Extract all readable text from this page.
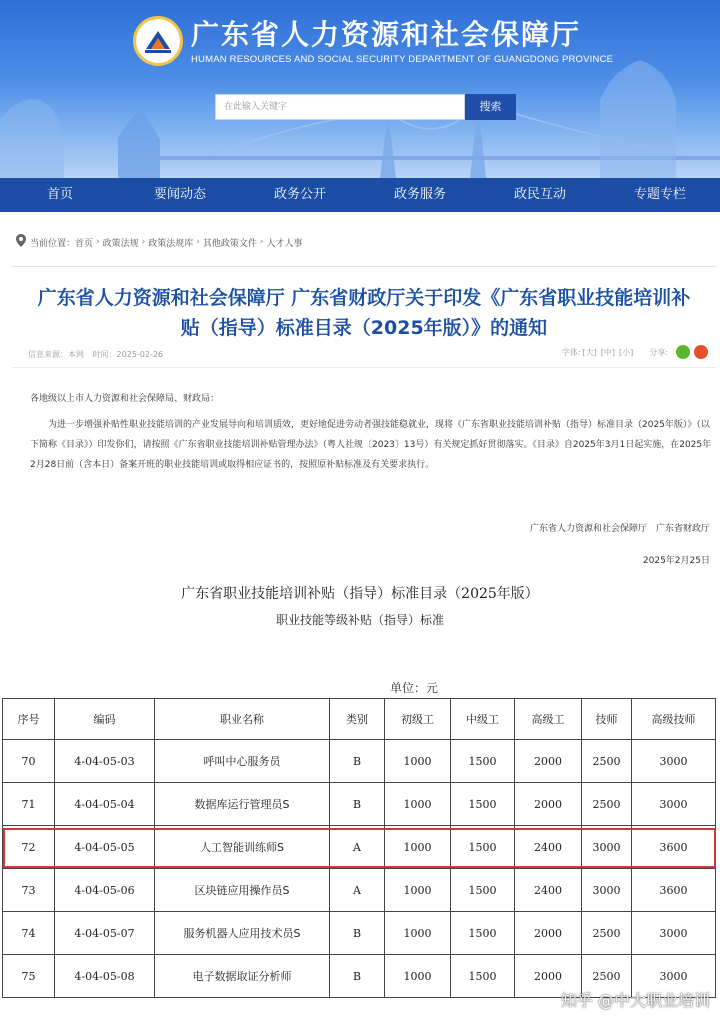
广东省人力资源和社会保障厅
HUMAN RESOURCES AND SOCIAL SECURITY DEPARTMENT OF GUANGDONG PROVINCE
在此输入关键字	搜索
首页	要闻动态	政务公开	政务服务	政民互动	专题专栏
当前位置： 首页 › 政策法规 › 政策法规库 › 其他政策文件 › 人才人事
广东省人力资源和社会保障厅 广东省财政厅关于印发《广东省职业技能培训补贴（指导）标准目录（2025年版）》的通知
信息来源：本网 时间：2025-02-26	字体: [大] [中] [小] 分享:

各地级以上市人力资源和社会保障局、财政局：

为进一步增强补贴性职业技能培训的产业发展导向和培训质效，更好地促进劳动者强技能稳就业，现将《广东省职业技能培训补贴（指导）标准目录（2025年版）》（以下简称《目录》）印发你们，请按照《广东省职业技能培训补贴管理办法》（粤人社规〔2023〕13号）有关规定抓好贯彻落实。《目录》自2025年3月1日起实施，在2025年2月28日前（含本日）备案开班的职业技能培训或取得相应证书的，按照原补贴标准及有关要求执行。

广东省人力资源和社会保障厅　广东省财政厅
2025年2月25日
广东省职业技能培训补贴（指导）标准目录（2025年版）
职业技能等级补贴（指导）标准
单位：元
序号	编码	职业名称	类别	初级工	中级工	高级工	技师	高级技师
70	4-04-05-03	呼叫中心服务员	B	1000	1500	2000	2500	3000
71	4-04-05-04	数据库运行管理员S	B	1000	1500	2000	2500	3000
72	4-04-05-05	人工智能训练师S	A	1000	1500	2400	3000	3600
73	4-04-05-06	区块链应用操作员S	A	1000	1500	2400	3000	3600
74	4-04-05-07	服务机器人应用技术员S	B	1000	1500	2000	2500	3000
75	4-04-05-08	电子数据取证分析师	B	1000	1500	2000	2500	3000
知乎 @中大职业培训
